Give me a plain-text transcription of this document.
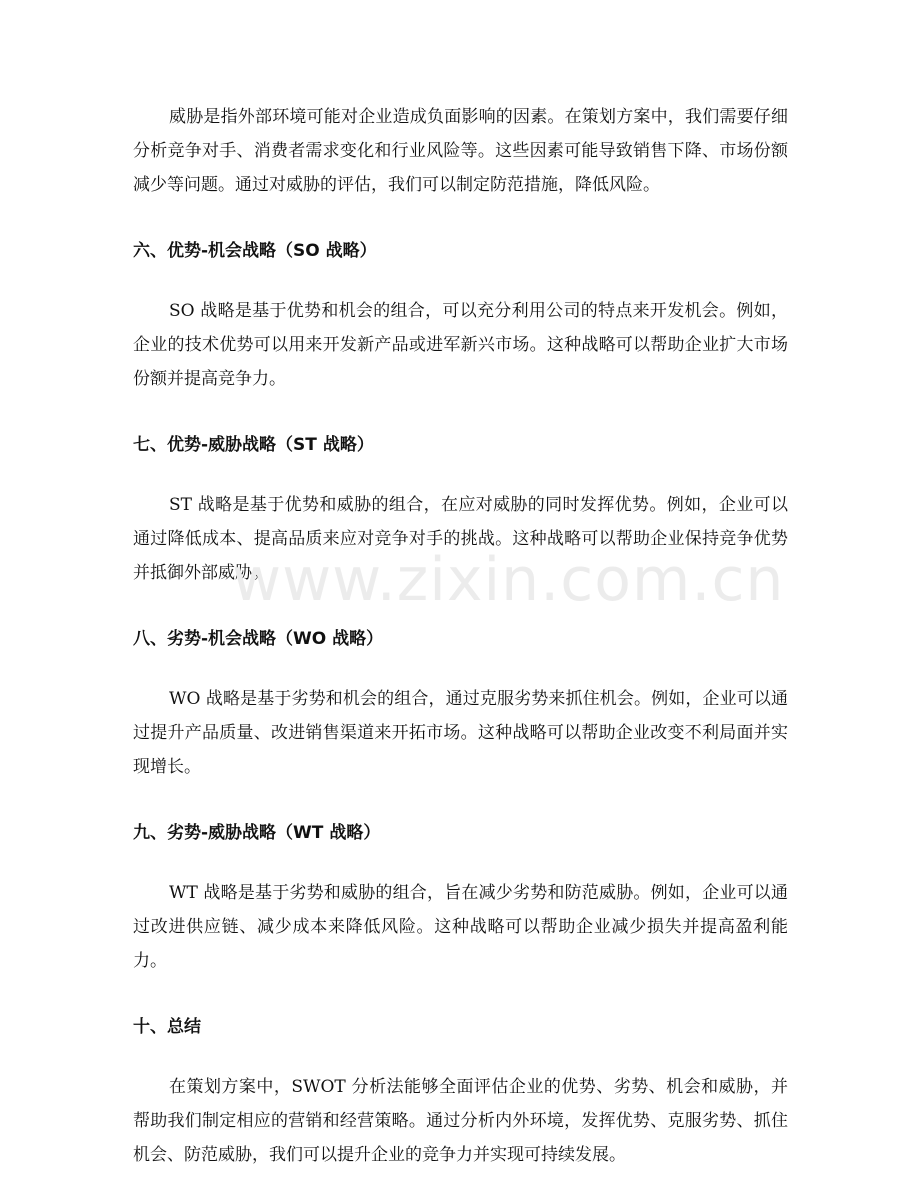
威胁是指外部环境可能对企业造成负面影响的因素。在策划方案中，我们需要仔细分析竞争对手、消费者需求变化和行业风险等。这些因素可能导致销售下降、市场份额减少等问题。通过对威胁的评估，我们可以制定防范措施，降低风险。

六、优势-机会战略（SO 战略）

SO 战略是基于优势和机会的组合，可以充分利用公司的特点来开发机会。例如，企业的技术优势可以用来开发新产品或进军新兴市场。这种战略可以帮助企业扩大市场份额并提高竞争力。

七、优势-威胁战略（ST 战略）

ST 战略是基于优势和威胁的组合，在应对威胁的同时发挥优势。例如，企业可以通过降低成本、提高品质来应对竞争对手的挑战。这种战略可以帮助企业保持竞争优势并抵御外部威胁。

八、劣势-机会战略（WO 战略）

WO 战略是基于劣势和机会的组合，通过克服劣势来抓住机会。例如，企业可以通过提升产品质量、改进销售渠道来开拓市场。这种战略可以帮助企业改变不利局面并实现增长。

九、劣势-威胁战略（WT 战略）

WT 战略是基于劣势和威胁的组合，旨在减少劣势和防范威胁。例如，企业可以通过改进供应链、减少成本来降低风险。这种战略可以帮助企业减少损失并提高盈利能力。

十、总结

在策划方案中，SWOT 分析法能够全面评估企业的优势、劣势、机会和威胁，并帮助我们制定相应的营销和经营策略。通过分析内外环境，发挥优势、克服劣势、抓住机会、防范威胁，我们可以提升企业的竞争力并实现可持续发展。

www.zixin.com.cn
